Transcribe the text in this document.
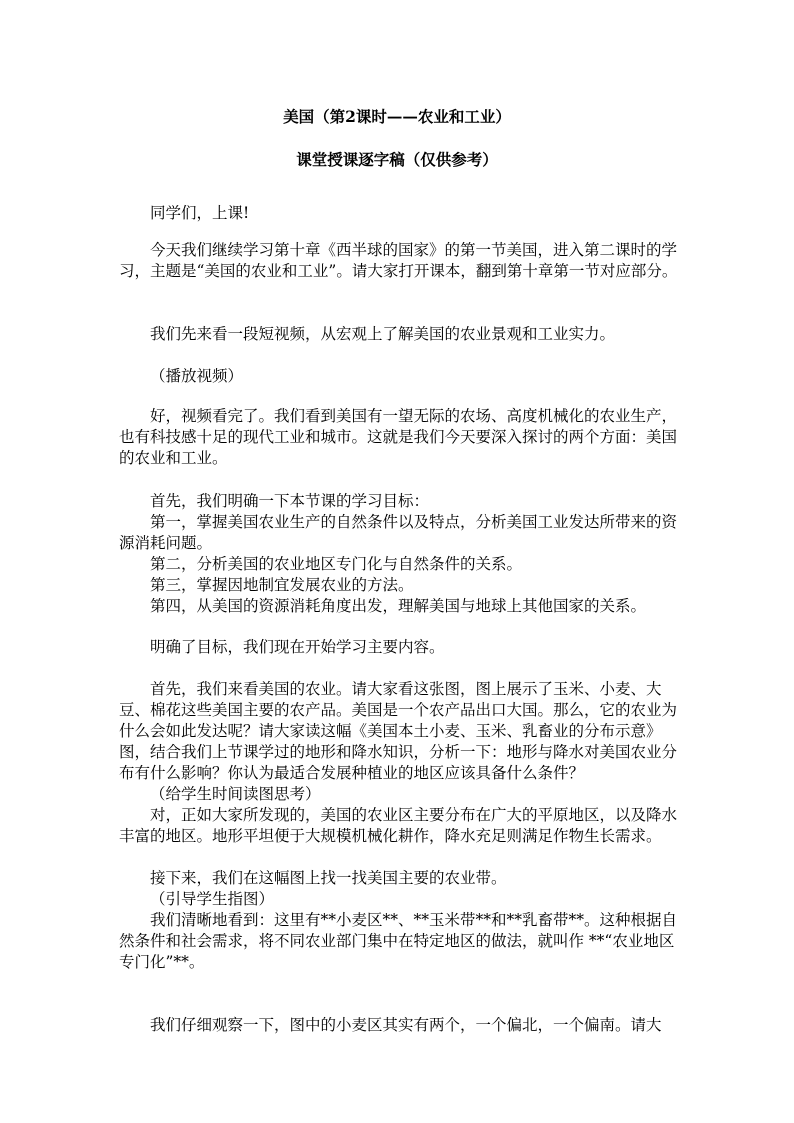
美国（第2课时——农业和工业）
课堂授课逐字稿（仅供参考）

同学们，上课!

今天我们继续学习第十章《西半球的国家》的第一节美国，进入第二课时的学习，主题是“美国的农业和工业”。请大家打开课本，翻到第十章第一节对应部分。

我们先来看一段短视频，从宏观上了解美国的农业景观和工业实力。

（播放视频）

好，视频看完了。我们看到美国有一望无际的农场、高度机械化的农业生产，也有科技感十足的现代工业和城市。这就是我们今天要深入探讨的两个方面：美国的农业和工业。

首先，我们明确一下本节课的学习目标：

第一，掌握美国农业生产的自然条件以及特点，分析美国工业发达所带来的资源消耗问题。

第二，分析美国的农业地区专门化与自然条件的关系。

第三，掌握因地制宜发展农业的方法。

第四，从美国的资源消耗角度出发，理解美国与地球上其他国家的关系。

明确了目标，我们现在开始学习主要内容。

首先，我们来看美国的农业。请大家看这张图，图上展示了玉米、小麦、大豆、棉花这些美国主要的农产品。美国是一个农产品出口大国。那么，它的农业为什么会如此发达呢？请大家读这幅《美国本土小麦、玉米、乳畜业的分布示意》图，结合我们上节课学过的地形和降水知识，分析一下：地形与降水对美国农业分布有什么影响？你认为最适合发展种植业的地区应该具备什么条件？

（给学生时间读图思考）

对，正如大家所发现的，美国的农业区主要分布在广大的平原地区，以及降水丰富的地区。地形平坦便于大规模机械化耕作，降水充足则满足作物生长需求。

接下来，我们在这幅图上找一找美国主要的农业带。

（引导学生指图）

我们清晰地看到：这里有**小麦区**、**玉米带**和**乳畜带**。这种根据自然条件和社会需求，将不同农业部门集中在特定地区的做法，就叫作 **“农业地区专门化”**。

我们仔细观察一下，图中的小麦区其实有两个，一个偏北，一个偏南。请大
